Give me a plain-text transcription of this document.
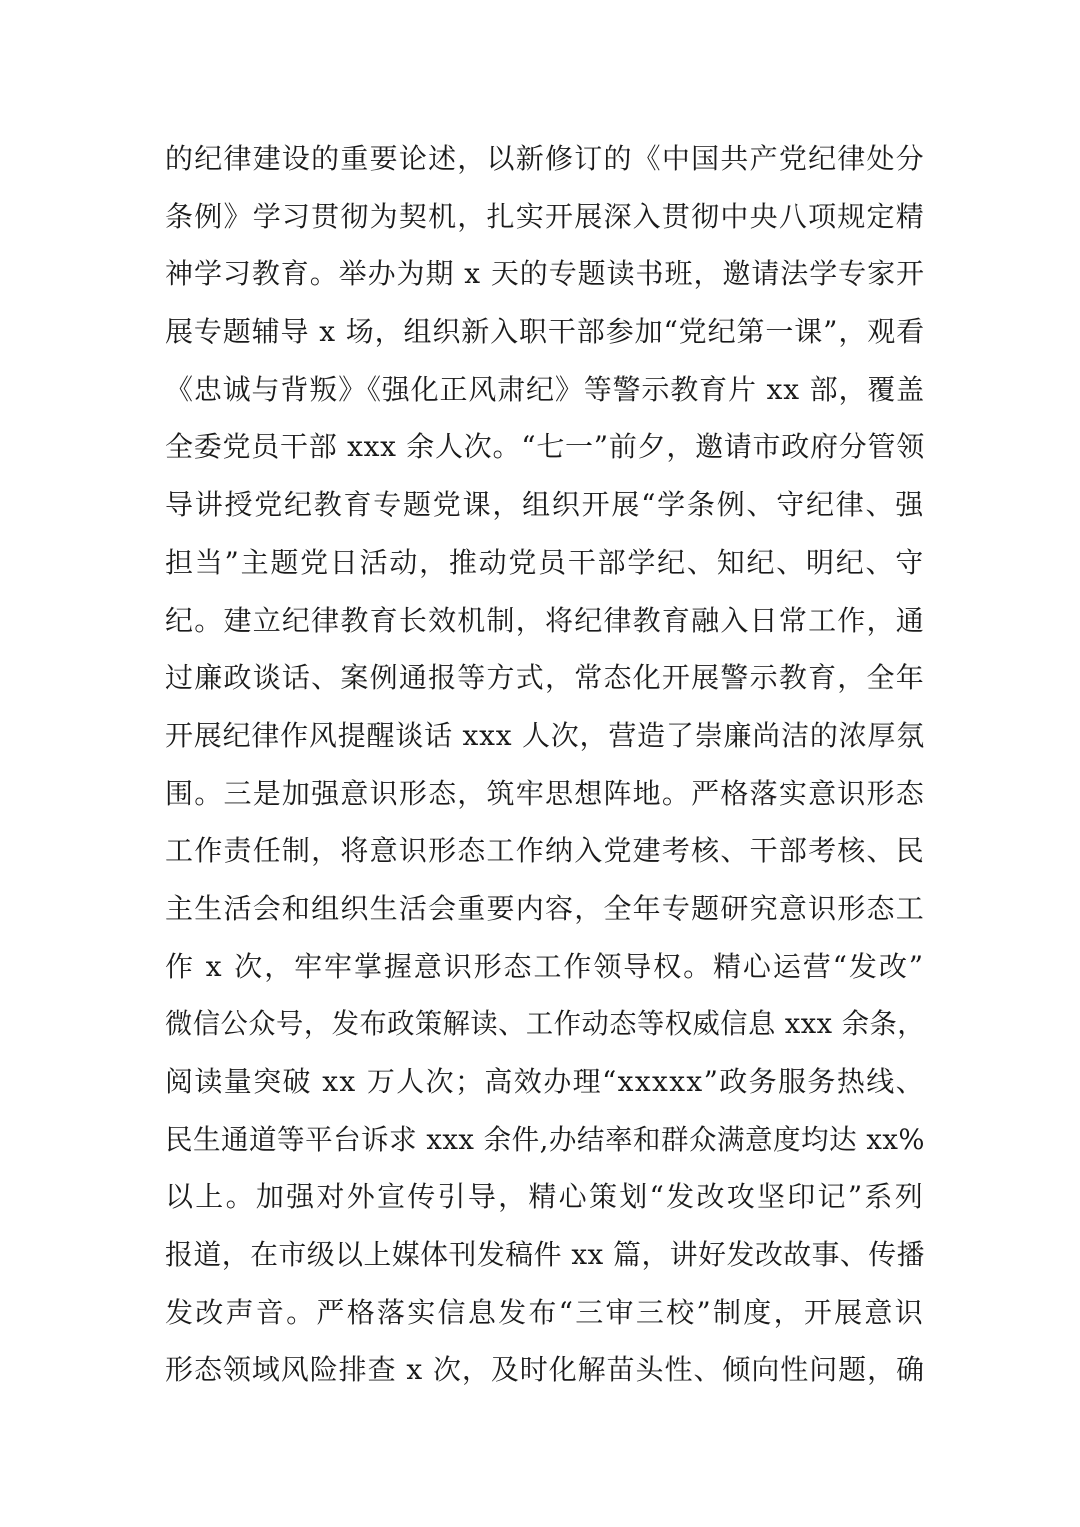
的纪律建设的重要论述，以新修订的《中国共产党纪律处分
条例》学习贯彻为契机，扎实开展深入贯彻中央八项规定精
神学习教育。举办为期 x 天的专题读书班，邀请法学专家开
展专题辅导 x 场，组织新入职干部参加“党纪第一课”，观看
《忠诚与背叛》《强化正风肃纪》等警示教育片 xx 部，覆盖
全委党员干部 xxx 余人次。“七一”前夕，邀请市政府分管领
导讲授党纪教育专题党课，组织开展“学条例、守纪律、强
担当”主题党日活动，推动党员干部学纪、知纪、明纪、守
纪。建立纪律教育长效机制，将纪律教育融入日常工作，通
过廉政谈话、案例通报等方式，常态化开展警示教育，全年
开展纪律作风提醒谈话 xxx 人次，营造了崇廉尚洁的浓厚氛
围。三是加强意识形态，筑牢思想阵地。严格落实意识形态
工作责任制，将意识形态工作纳入党建考核、干部考核、民
主生活会和组织生活会重要内容，全年专题研究意识形态工
作 x 次，牢牢掌握意识形态工作领导权。精心运营“发改”
微信公众号，发布政策解读、工作动态等权威信息 xxx 余条，
阅读量突破 xx 万人次；高效办理“xxxxx”政务服务热线、
民生通道等平台诉求 xxx 余件,办结率和群众满意度均达 xx%
以上。加强对外宣传引导，精心策划“发改攻坚印记”系列
报道，在市级以上媒体刊发稿件 xx 篇，讲好发改故事、传播
发改声音。严格落实信息发布“三审三校”制度，开展意识
形态领域风险排查 x 次，及时化解苗头性、倾向性问题，确
